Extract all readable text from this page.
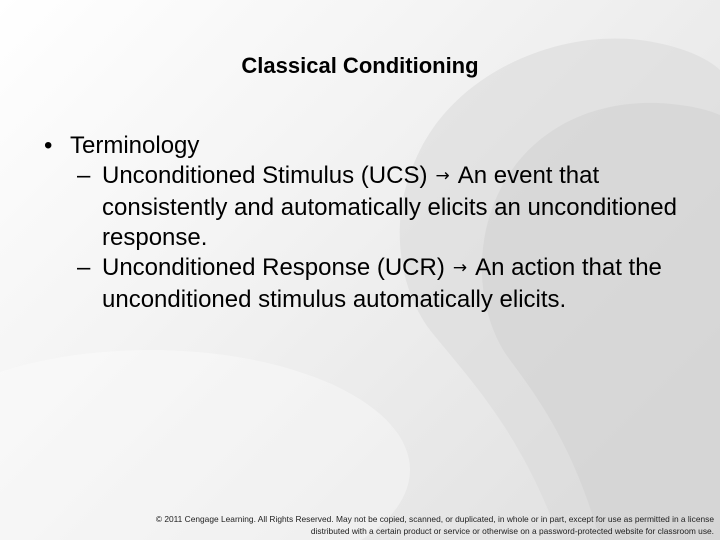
Classical Conditioning
• Terminology
– Unconditioned Stimulus (UCS) → An event that consistently and automatically elicits an unconditioned response.
– Unconditioned Response (UCR) → An action that the unconditioned stimulus automatically elicits.
© 2011 Cengage Learning. All Rights Reserved. May not be copied, scanned, or duplicated, in whole or in part, except for use as permitted in a license
distributed with a certain product or service or otherwise on a password-protected website for classroom use.
